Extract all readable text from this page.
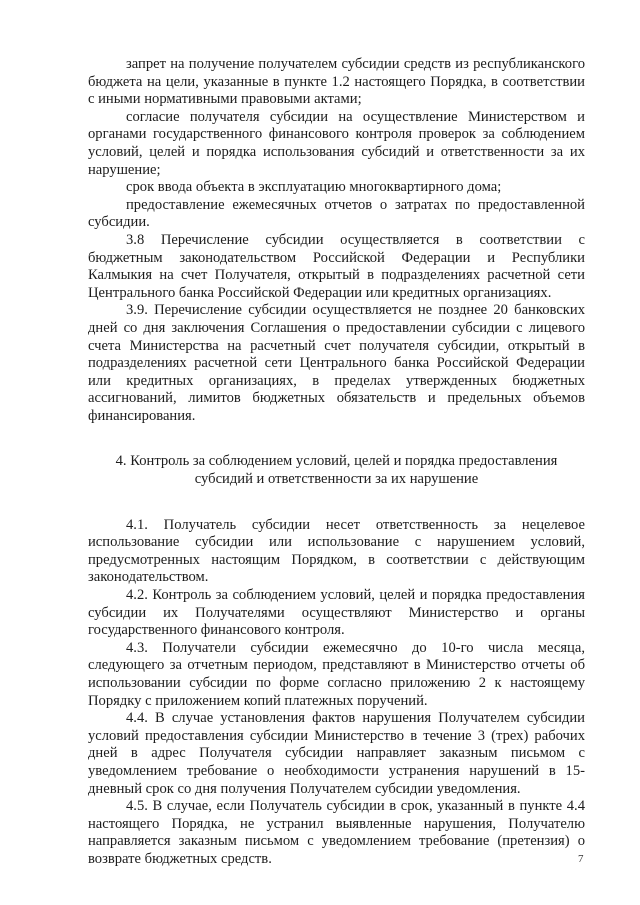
запрет на получение получателем субсидии средств из республиканского бюджета на цели, указанные в пункте 1.2 настоящего Порядка, в соответствии с иными нормативными правовыми актами;

согласие получателя субсидии на осуществление Министерством и органами государственного финансового контроля проверок за соблюдением условий, целей и порядка использования субсидий и ответственности за их нарушение;

срок ввода объекта в эксплуатацию многоквартирного дома;

предоставление ежемесячных отчетов о затратах по предоставленной субсидии.

3.8 Перечисление субсидии осуществляется в соответствии с бюджетным законодательством Российской Федерации и Республики Калмыкия на счет Получателя, открытый в подразделениях расчетной сети Центрального банка Российской Федерации или кредитных организациях.

3.9. Перечисление субсидии осуществляется не позднее 20 банковских дней со дня заключения Соглашения о предоставлении субсидии с лицевого счета Министерства на расчетный счет получателя субсидии, открытый в подразделениях расчетной сети Центрального банка Российской Федерации или кредитных организациях, в пределах утвержденных бюджетных ассигнований, лимитов бюджетных обязательств и предельных объемов финансирования.

4. Контроль за соблюдением условий, целей и порядка предоставления субсидий и ответственности за их нарушение

4.1. Получатель субсидии несет ответственность за нецелевое использование субсидии или использование с нарушением условий, предусмотренных настоящим Порядком, в соответствии с действующим законодательством.

4.2. Контроль за соблюдением условий, целей и порядка предоставления субсидии их Получателями осуществляют Министерство и органы государственного финансового контроля.

4.3. Получатели субсидии ежемесячно до 10-го числа месяца, следующего за отчетным периодом, представляют в Министерство отчеты об использовании субсидии по форме согласно приложению 2 к настоящему Порядку с приложением копий платежных поручений.

4.4. В случае установления фактов нарушения Получателем субсидии условий предоставления субсидии Министерство в течение 3 (трех) рабочих дней в адрес Получателя субсидии направляет заказным письмом с уведомлением требование о необходимости устранения нарушений в 15-дневный срок со дня получения Получателем субсидии уведомления.

4.5. В случае, если Получатель субсидии в срок, указанный в пункте 4.4 настоящего Порядка, не устранил выявленные нарушения, Получателю направляется заказным письмом с уведомлением требование (претензия) о возврате бюджетных средств.	7
